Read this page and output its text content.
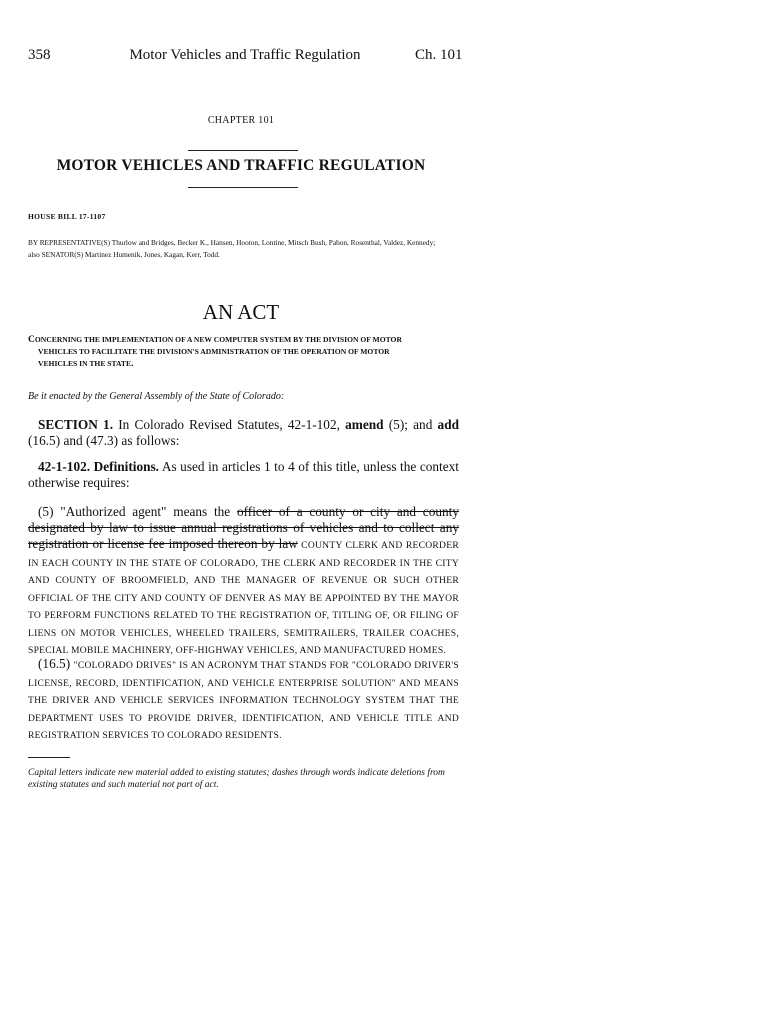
358	Motor Vehicles and Traffic Regulation	Ch. 101
CHAPTER 101
MOTOR VEHICLES AND TRAFFIC REGULATION
HOUSE BILL 17-1107
BY REPRESENTATIVE(S) Thurlow and Bridges, Becker K., Hansen, Hooton, Lontine, Mitsch Bush, Pabon, Rosenthal, Valdez, Kennedy;
also SENATOR(S) Martinez Humenik, Jones, Kagan, Kerr, Todd.
AN ACT
CONCERNING THE IMPLEMENTATION OF A NEW COMPUTER SYSTEM BY THE DIVISION OF MOTOR
VEHICLES TO FACILITATE THE DIVISION'S ADMINISTRATION OF THE OPERATION OF MOTOR
VEHICLES IN THE STATE.
Be it enacted by the General Assembly of the State of Colorado:
SECTION 1. In Colorado Revised Statutes, 42-1-102, amend (5); and add (16.5) and (47.3) as follows:
42-1-102. Definitions. As used in articles 1 to 4 of this title, unless the context otherwise requires:
(5) "Authorized agent" means the officer of a county or city and county designated by law to issue annual registrations of vehicles and to collect any registration or license fee imposed thereon by law COUNTY CLERK AND RECORDER IN EACH COUNTY IN THE STATE OF COLORADO, THE CLERK AND RECORDER IN THE CITY AND COUNTY OF BROOMFIELD, AND THE MANAGER OF REVENUE OR SUCH OTHER OFFICIAL OF THE CITY AND COUNTY OF DENVER AS MAY BE APPOINTED BY THE MAYOR TO PERFORM FUNCTIONS RELATED TO THE REGISTRATION OF, TITLING OF, OR FILING OF LIENS ON MOTOR VEHICLES, WHEELED TRAILERS, SEMITRAILERS, TRAILER COACHES, SPECIAL MOBILE MACHINERY, OFF-HIGHWAY VEHICLES, AND MANUFACTURED HOMES.
(16.5) "COLORADO DRIVES" IS AN ACRONYM THAT STANDS FOR "COLORADO DRIVER'S LICENSE, RECORD, IDENTIFICATION, AND VEHICLE ENTERPRISE SOLUTION" AND MEANS THE DRIVER AND VEHICLE SERVICES INFORMATION TECHNOLOGY SYSTEM THAT THE DEPARTMENT USES TO PROVIDE DRIVER, IDENTIFICATION, AND VEHICLE TITLE AND REGISTRATION SERVICES TO COLORADO RESIDENTS.
Capital letters indicate new material added to existing statutes; dashes through words indicate deletions from existing statutes and such material not part of act.
